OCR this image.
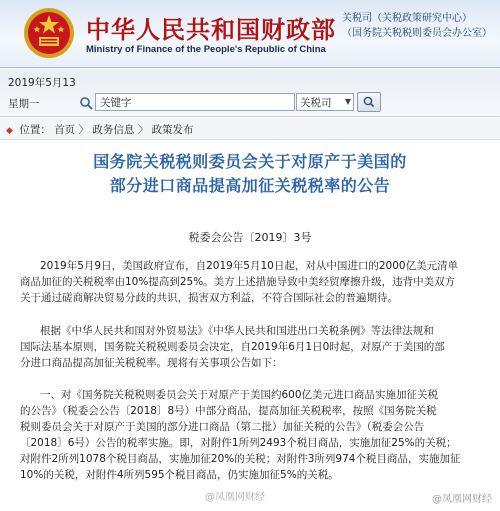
中华人民共和国财政部
Ministry of Finance of the People's Republic of China
关税司（关税政策研究中心）
（国务院关税税则委员会办公室）
2019年5月13
星期一
关键字	关税司 ▼
◆ 位置： 首页 〉 政务信息 〉 政策发布
国务院关税税则委员会关于对原产于美国的
部分进口商品提高加征关税税率的公告
税委会公告〔2019〕3号
2019年5月9日，美国政府宣布，自2019年5月10日起，对从中国进口的2000亿美元清单
商品加征的关税税率由10%提高到25%。美方上述措施导致中美经贸摩擦升级，违背中美双方
关于通过磋商解决贸易分歧的共识，损害双方利益，不符合国际社会的普遍期待。
根据《中华人民共和国对外贸易法》《中华人民共和国进出口关税条例》等法律法规和
国际法基本原则，国务院关税税则委员会决定，自2019年6月1日0时起，对原产于美国的部
分进口商品提高加征关税税率。现将有关事项公告如下：
一、对《国务院关税税则委员会关于对原产于美国约600亿美元进口商品实施加征关税
的公告》（税委会公告〔2018〕8号）中部分商品，提高加征关税税率，按照《国务院关税
税则委员会关于对原产于美国的部分进口商品（第二批）加征关税的公告》（税委会公告
〔2018〕6号）公告的税率实施。即，对附件1所列2493个税目商品，实施加征25%的关税；
对附件2所列1078个税目商品，实施加征20%的关税；对附件3所列974个税目商品，实施加征
10%的关税，对附件4所列595个税目商品，仍实施加征5%的关税。
@凤凰网财经	@凤凰网财经
